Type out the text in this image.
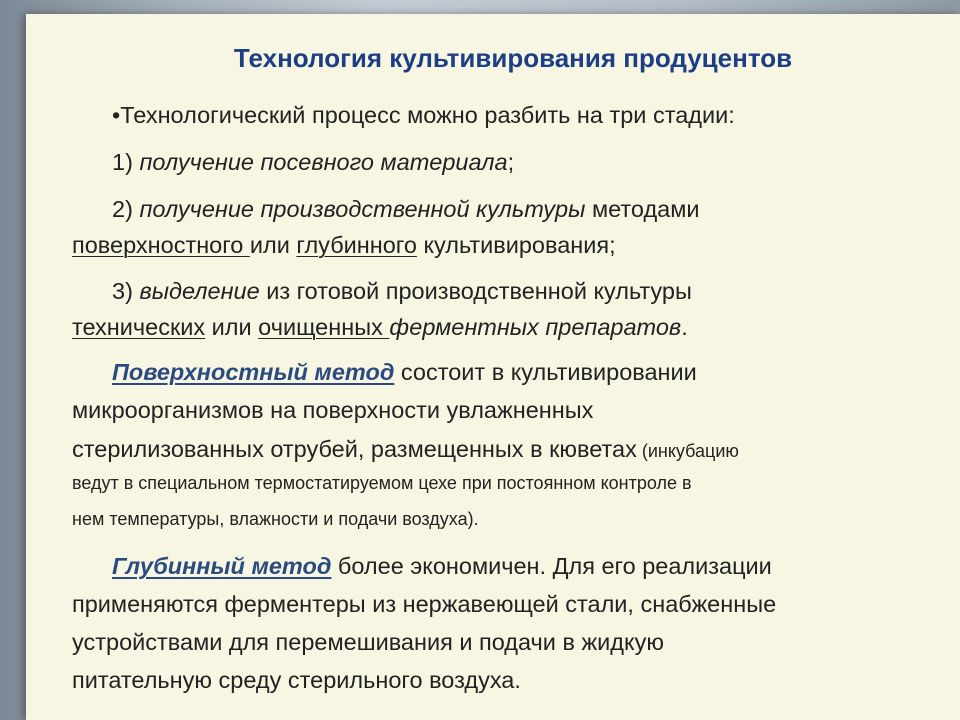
Технология культивирования продуцентов
•Технологический процесс можно разбить на три стадии:
1) получение посевного материала;
2) получение производственной культуры методами
поверхностного или глубинного культивирования;
3) выделение из готовой производственной культуры
технических или очищенных ферментных препаратов.
Поверхностный метод состоит в культивировании
микроорганизмов на поверхности увлажненных
стерилизованных отрубей, размещенных в кюветах (инкубацию
ведут в специальном термостатируемом цехе при постоянном контроле в
нем температуры, влажности и подачи воздуха).
Глубинный метод более экономичен. Для его реализации
применяются ферментеры из нержавеющей стали, снабженные
устройствами для перемешивания и подачи в жидкую
питательную среду стерильного воздуха.
